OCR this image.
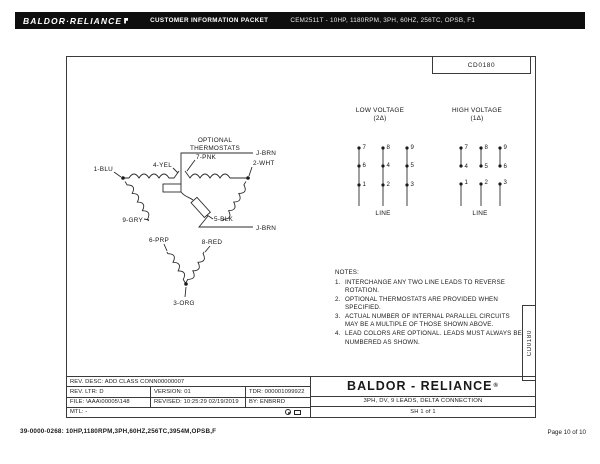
BALDOR·RELIANCE	CUSTOMER INFORMATION PACKET	CEM2511T - 10HP, 1180RPM, 3PH, 60HZ, 256TC, OPSB, F1
CD0180
OPTIONAL
THERMOSTATS
1-BLU
4-YEL
7-PNK
2-WHT
J-BRN
J-BRN
9-GRY
6-PRP
5-BLK
8-RED
3-ORG
LOW VOLTAGE
(2Δ)
7
6
1
8
4
2
9
5
3
LINE
HIGH VOLTAGE
(1Δ)
7
4
1
8
5
2
9
6
3
LINE
NOTES:
1. INTERCHANGE ANY TWO LINE LEADS TO REVERSE
ROTATION.
2. OPTIONAL THERMOSTATS ARE PROVIDED WHEN
SPECIFIED.
3. ACTUAL NUMBER OF INTERNAL PARALLEL CIRCUITS
MAY BE A MULTIPLE OF THOSE SHOWN ABOVE.
4. LEAD COLORS ARE OPTIONAL. LEADS MUST ALWAYS BE
NUMBERED AS SHOWN.	CD0180
REV. DESC: ADD CLASS CONN00000007
REV. LTR: D	VERSION: 01	TDR: 000001099922
FILE: \AAA\00005\148	REVISED: 10:25:29 02/19/2019	BY: ENBRRD
MTL: -
BALDOR - RELIANCE ®
3PH, DV, 9 LEADS, DELTA CONNECTION
SH 1 of 1
39-0000-0268: 10HP,1180RPM,3PH,60HZ,256TC,3954M,OPSB,F	Page 10 of 10
